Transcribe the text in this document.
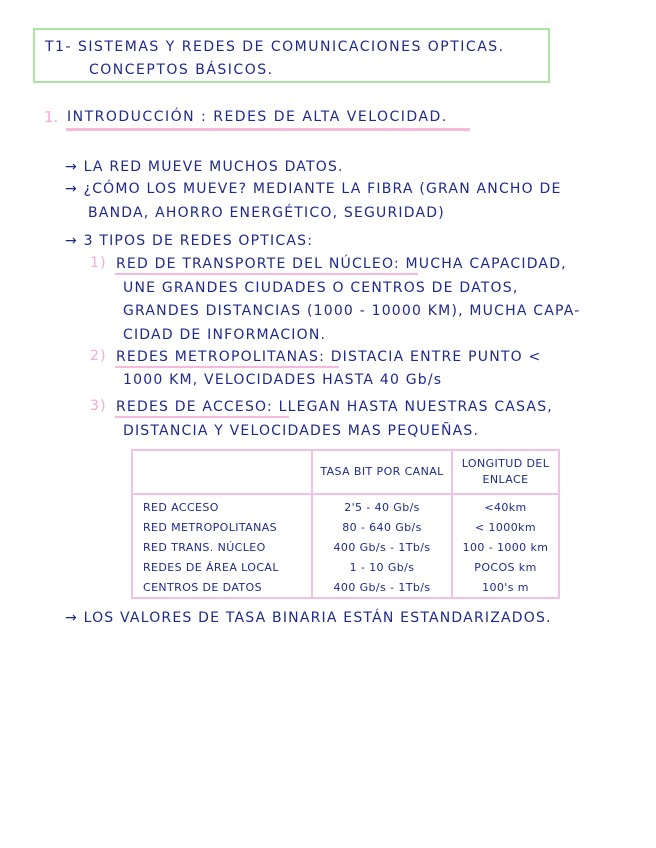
T1- SISTEMAS Y REDES DE COMUNICACIONES OPTICAS.
CONCEPTOS BÁSICOS.
1. INTRODUCCIÓN : REDES DE ALTA VELOCIDAD.
→ LA RED MUEVE MUCHOS DATOS.
→ ¿CÓMO LOS MUEVE? MEDIANTE LA FIBRA (GRAN ANCHO DE
BANDA, AHORRO ENERGÉTICO, SEGURIDAD)
→ 3 TIPOS DE REDES OPTICAS:
1) RED DE TRANSPORTE DEL NÚCLEO: MUCHA CAPACIDAD,
UNE GRANDES CIUDADES O CENTROS DE DATOS,
GRANDES DISTANCIAS (1000 - 10000 KM), MUCHA CAPA-
CIDAD DE INFORMACION.
2) REDES METROPOLITANAS: DISTACIA ENTRE PUNTO <
1000 KM, VELOCIDADES HASTA 40 Gb/s
3) REDES DE ACCESO: LLEGAN HASTA NUESTRAS CASAS,
DISTANCIA Y VELOCIDADES MAS PEQUEÑAS.
	TASA BIT POR CANAL	LONGITUD DEL ENLACE
RED ACCESO	2'5 - 40 Gb/s	<40km
RED METROPOLITANAS	80 - 640 Gb/s	< 1000km
RED TRANS. NÚCLEO	400 Gb/s - 1Tb/s	100 - 1000 km
REDES DE ÁREA LOCAL	1 - 10 Gb/s	POCOS km
CENTROS DE DATOS	400 Gb/s - 1Tb/s	100's m
→ LOS VALORES DE TASA BINARIA ESTÁN ESTANDARIZADOS.
